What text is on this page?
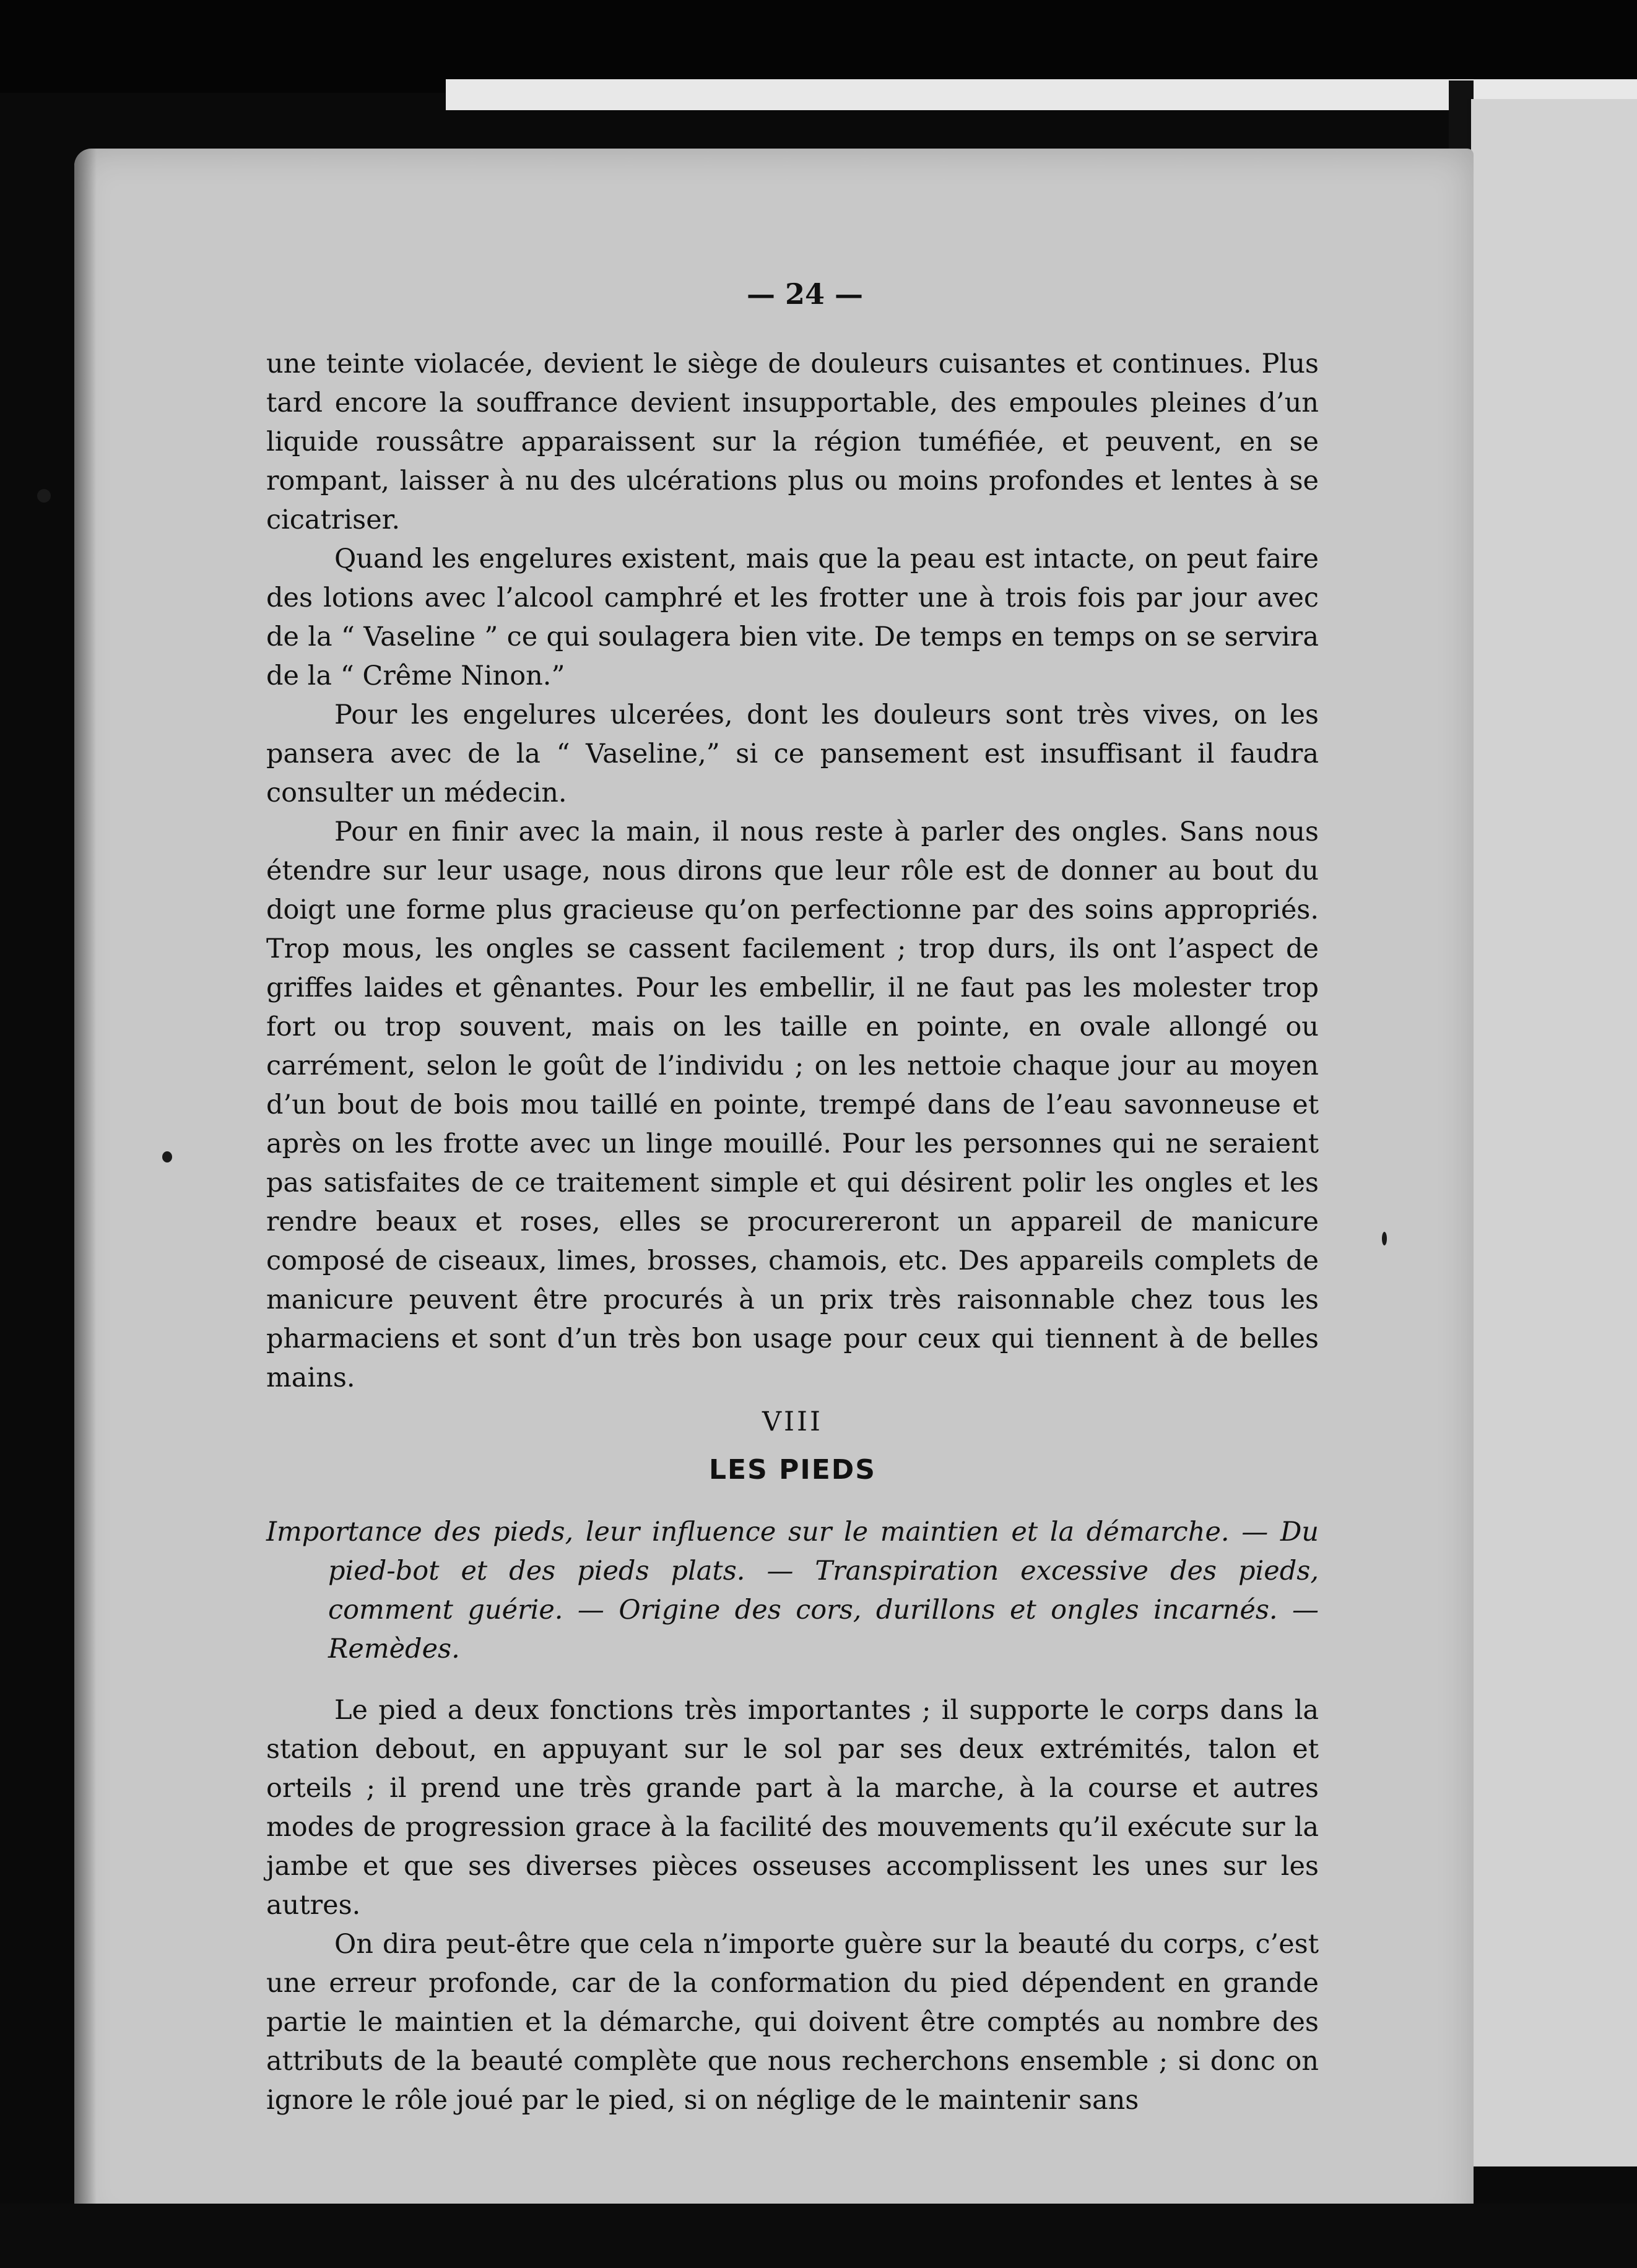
— 24 —

une teinte violacée, devient le siège de douleurs cuisantes et continues. Plus tard encore la souffrance devient insupportable, des empoules pleines d’un liquide roussâtre apparaissent sur la région tuméfiée, et peuvent, en se rompant, laisser à nu des ulcérations plus ou moins profondes et lentes à se cicatriser.

Quand les engelures existent, mais que la peau est intacte, on peut faire des lotions avec l’alcool camphré et les frotter une à trois fois par jour avec de la “ Vaseline ” ce qui soulagera bien vite. De temps en temps on se servira de la “ Crême Ninon.”

Pour les engelures ulcerées, dont les douleurs sont très vives, on les pansera avec de la “ Vaseline,” si ce pansement est insuffisant il faudra consulter un médecin.

Pour en finir avec la main, il nous reste à parler des ongles. Sans nous étendre sur leur usage, nous dirons que leur rôle est de donner au bout du doigt une forme plus gracieuse qu’on perfectionne par des soins appropriés. Trop mous, les ongles se cassent facilement ; trop durs, ils ont l’aspect de griffes laides et gênantes. Pour les embellir, il ne faut pas les molester trop fort ou trop souvent, mais on les taille en pointe, en ovale allongé ou carrément, selon le goût de l’individu ; on les nettoie chaque jour au moyen d’un bout de bois mou taillé en pointe, trempé dans de l’eau savonneuse et après on les frotte avec un linge mouillé. Pour les personnes qui ne seraient pas satisfaites de ce traitement simple et qui désirent polir les ongles et les rendre beaux et roses, elles se procurereront un appareil de manicure composé de ciseaux, limes, brosses, chamois, etc. Des appareils complets de manicure peuvent être procurés à un prix très raisonnable chez tous les pharmaciens et sont d’un très bon usage pour ceux qui tiennent à de belles mains.

VIII
LES PIEDS

Importance des pieds, leur influence sur le maintien et la démarche. — Du pied-bot et des pieds plats. — Transpiration excessive des pieds, comment guérie. — Origine des cors, durillons et ongles incarnés. — Remèdes.

Le pied a deux fonctions très importantes ; il supporte le corps dans la station debout, en appuyant sur le sol par ses deux extrémités, talon et orteils ; il prend une très grande part à la marche, à la course et autres modes de progression grace à la facilité des mouvements qu’il exécute sur la jambe et que ses diverses pièces osseuses accomplissent les unes sur les autres.

On dira peut-être que cela n’importe guère sur la beauté du corps, c’est une erreur profonde, car de la conformation du pied dépendent en grande partie le maintien et la démarche, qui doivent être comptés au nombre des attributs de la beauté complète que nous recherchons ensemble ; si donc on ignore le rôle joué par le pied, si on néglige de le maintenir sans
